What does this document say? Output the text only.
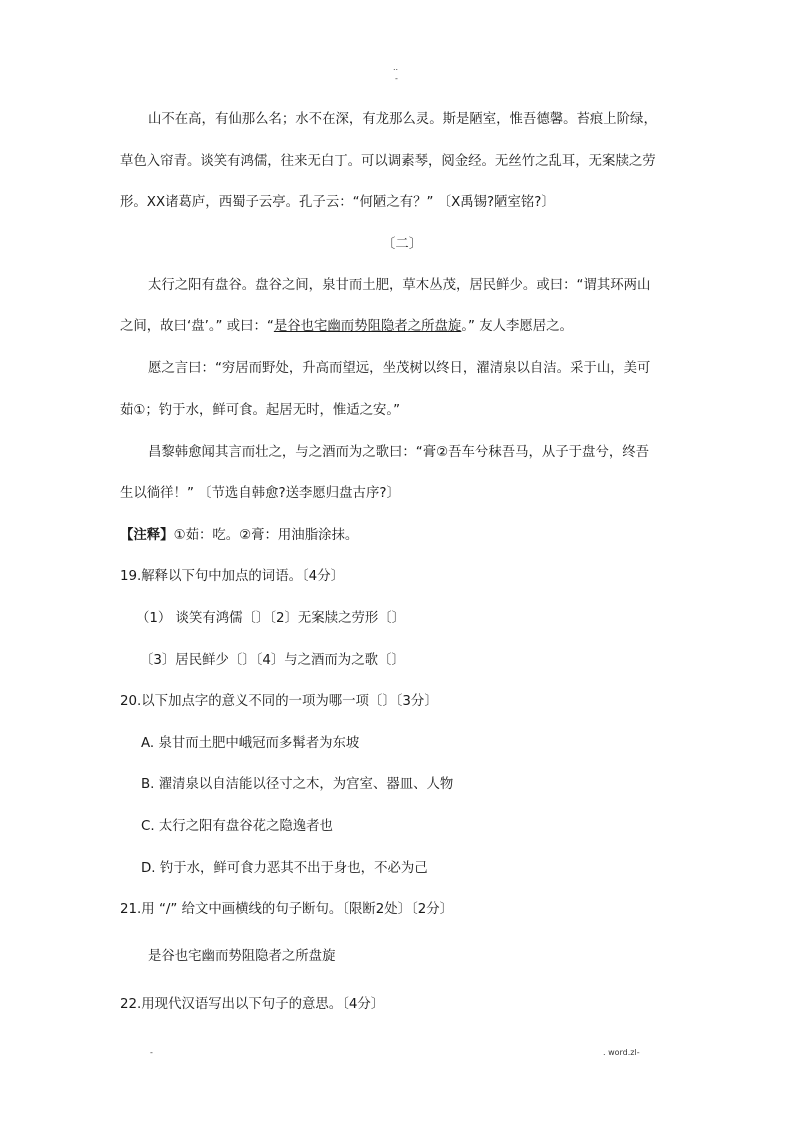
..
-
山不在高，有仙那么名；水不在深，有龙那么灵。斯是陋室，惟吾德馨。苔痕上阶绿，
草色入帘青。谈笑有鸿儒，往来无白丁。可以调素琴，阅金经。无丝竹之乱耳，无案牍之劳
形。XX诸葛庐，西蜀子云亭。孔子云：“何陋之有？” 〔X禹锡?陋室铭?〕
〔二〕
太行之阳有盘谷。盘谷之间，泉甘而土肥，草木丛茂，居民鲜少。或曰：“谓其环两山
之间，故曰‘盘’。” 或曰：“是谷也宅幽而势阻隐者之所盘旋。” 友人李愿居之。
愿之言曰：“穷居而野处，升高而望远，坐茂树以终日，濯清泉以自洁。采于山，美可
茹①；钓于水，鲜可食。起居无时，惟适之安。”
昌黎韩愈闻其言而壮之，与之酒而为之歌曰：“膏②吾车兮秣吾马，从子于盘兮，终吾
生以徜徉！” 〔节选自韩愈?送李愿归盘古序?〕
【注释】①茹：吃。②膏：用油脂涂抹。
19.解释以下句中加点的词语。〔4分〕
（1） 谈笑有鸿儒〔〕〔2〕无案牍之劳形〔〕
〔3〕居民鲜少〔〕〔4〕与之酒而为之歌〔〕
20.以下加点字的意义不同的一项为哪一项〔〕〔3分〕
A. 泉甘而土肥中峨冠而多髯者为东坡
B. 濯清泉以自洁能以径寸之木，为宫室、器皿、人物
C. 太行之阳有盘谷花之隐逸者也
D. 钓于水，鲜可食力恶其不出于身也，不必为己
21.用 “/” 给文中画横线的句子断句。〔限断2处〕〔2分〕
是谷也宅幽而势阻隐者之所盘旋
22.用现代汉语写出以下句子的意思。〔4分〕
-	. word.zl-
